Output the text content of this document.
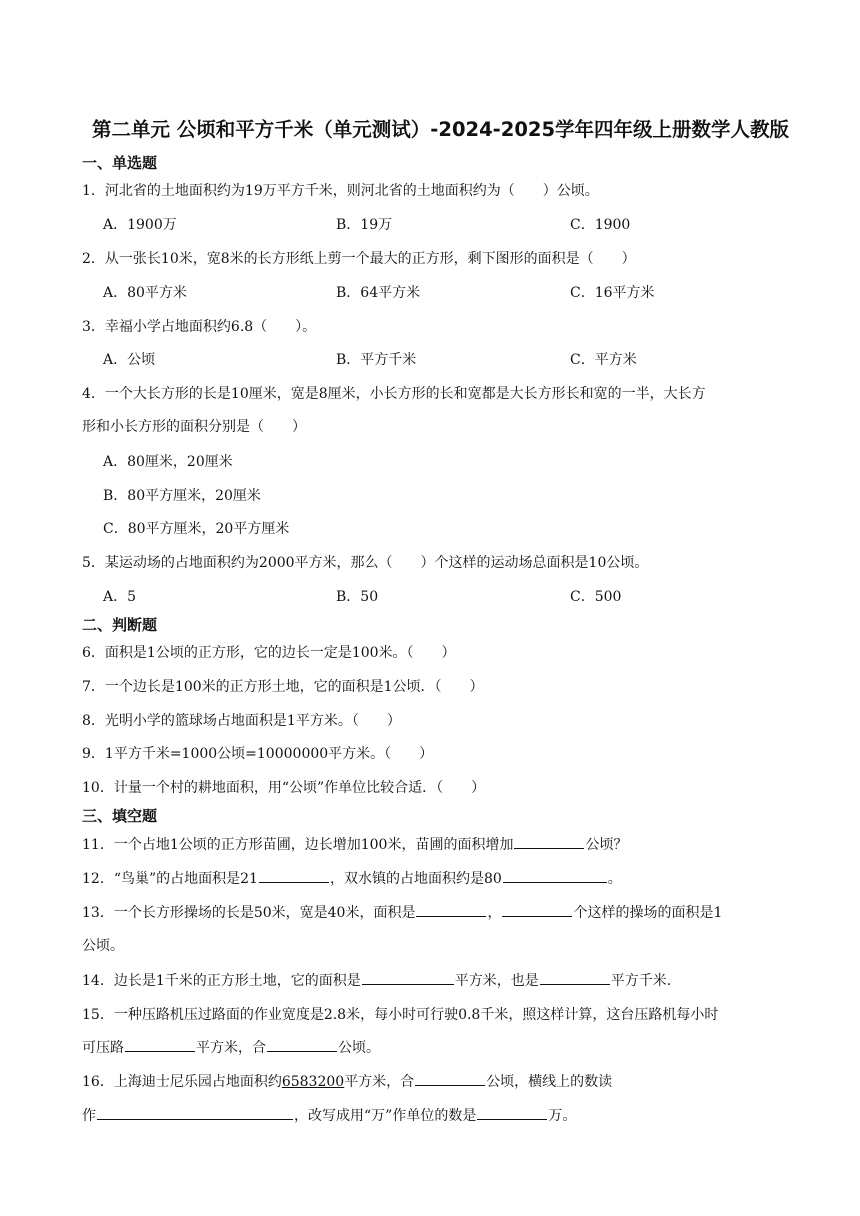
第二单元 公顷和平方千米（单元测试）-2024-2025学年四年级上册数学人教版
一、单选题
1．河北省的土地面积约为19万平方千米，则河北省的土地面积约为（　　）公顷。
A．1900万	B．19万	C．1900
2．从一张长10米，宽8米的长方形纸上剪一个最大的正方形，剩下图形的面积是（　　）
A．80平方米	B．64平方米	C．16平方米
3．幸福小学占地面积约6.8（　　）。
A．公顷	B．平方千米	C．平方米
4．一个大长方形的长是10厘米，宽是8厘米，小长方形的长和宽都是大长方形长和宽的一半，大长方
形和小长方形的面积分别是（　　）
A．80厘米，20厘米
B．80平方厘米，20厘米
C．80平方厘米，20平方厘米
5．某运动场的占地面积约为2000平方米，那么（　　）个这样的运动场总面积是10公顷。
A．5	B．50	C．500
二、判断题
6．面积是1公顷的正方形，它的边长一定是100米。（　　）
7．一个边长是100米的正方形土地，它的面积是1公顷．（　　）
8．光明小学的篮球场占地面积是1平方米。（　　）
9．1平方千米=1000公顷=10000000平方米。（　　）
10．计量一个村的耕地面积，用“公顷”作单位比较合适．（　　）
三、填空题
11．一个占地1公顷的正方形苗圃，边长增加100米，苗圃的面积增加	公顷？
12．“鸟巢”的占地面积是21	，双水镇的占地面积约是80	。
13．一个长方形操场的长是50米，宽是40米，面积是	，	个这样的操场的面积是1
公顷。
14．边长是1千米的正方形土地，它的面积是	平方米，也是	平方千米.
15．一种压路机压过路面的作业宽度是2.8米，每小时可行驶0.8千米，照这样计算，这台压路机每小时
可压路	平方米，合	公顷。
16．上海迪士尼乐园占地面积约6583200平方米，合	公顷，横线上的数读
作	，改写成用“万”作单位的数是	万。
